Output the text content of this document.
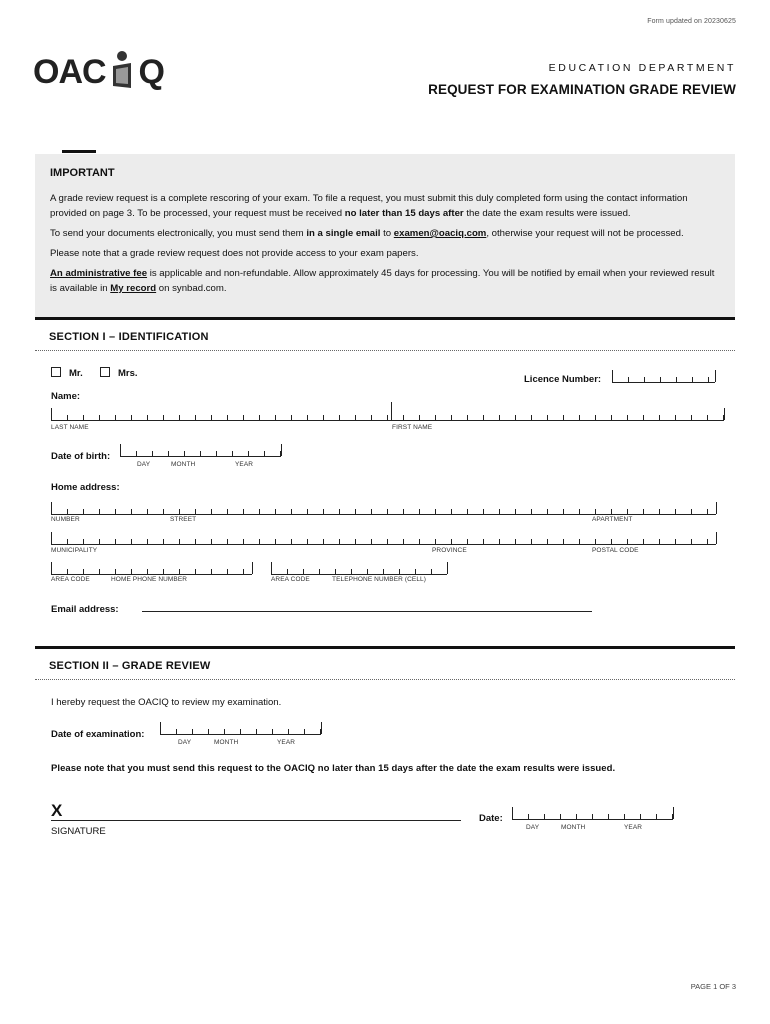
Form updated on 20230625
OAC Q	EDUCATION DEPARTMENT
REQUEST FOR EXAMINATION GRADE REVIEW
IMPORTANT

A grade review request is a complete rescoring of your exam. To file a request, you must submit this duly completed form using the contact information provided on page 3. To be processed, your request must be received no later than 15 days after the date the exam results were issued.

To send your documents electronically, you must send them in a single email to examen@oaciq.com, otherwise your request will not be processed.

Please note that a grade review request does not provide access to your exam papers.

An administrative fee is applicable and non-refundable. Allow approximately 45 days for processing. You will be notified by email when your reviewed result is available in My record on synbad.com.

SECTION I – IDENTIFICATION
Mr.	Mrs.
Licence Number:
Name:
LAST NAME	FIRST NAME
Date of birth:
DAY	MONTH	YEAR
Home address:
NUMBER	STREET	APARTMENT
MUNICIPALITY	PROVINCE	POSTAL CODE
AREA CODE	HOME PHONE NUMBER	AREA CODE	TELEPHONE NUMBER (CELL)
Email address:
SECTION II – GRADE REVIEW
I hereby request the OACIQ to review my examination.
Date of examination:
DAY	MONTH	YEAR
Please note that you must send this request to the OACIQ no later than 15 days after the date the exam results were issued.
X
SIGNATURE
Date:
DAY	MONTH	YEAR
PAGE 1 OF 3
